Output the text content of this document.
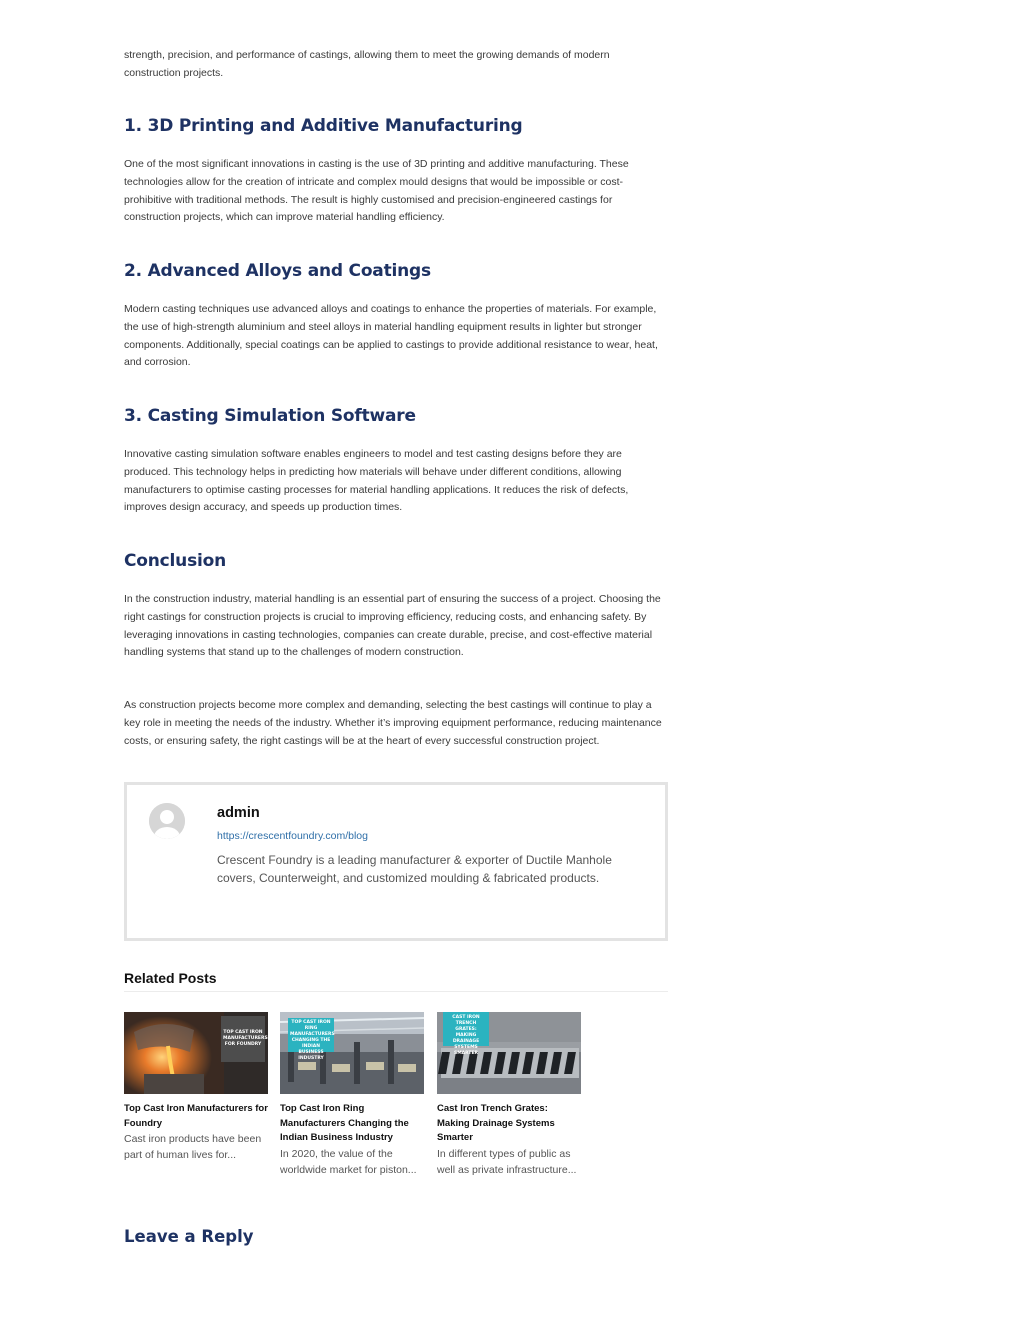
strength, precision, and performance of castings, allowing them to meet the growing demands of modern construction projects.

1. 3D Printing and Additive Manufacturing

One of the most significant innovations in casting is the use of 3D printing and additive manufacturing. These technologies allow for the creation of intricate and complex mould designs that would be impossible or cost-prohibitive with traditional methods. The result is highly customised and precision-engineered castings for construction projects, which can improve material handling efficiency.

2. Advanced Alloys and Coatings

Modern casting techniques use advanced alloys and coatings to enhance the properties of materials. For example, the use of high-strength aluminium and steel alloys in material handling equipment results in lighter but stronger components. Additionally, special coatings can be applied to castings to provide additional resistance to wear, heat, and corrosion.

3. Casting Simulation Software

Innovative casting simulation software enables engineers to model and test casting designs before they are produced. This technology helps in predicting how materials will behave under different conditions, allowing manufacturers to optimise casting processes for material handling applications. It reduces the risk of defects, improves design accuracy, and speeds up production times.

Conclusion

In the construction industry, material handling is an essential part of ensuring the success of a project. Choosing the right castings for construction projects is crucial to improving efficiency, reducing costs, and enhancing safety. By leveraging innovations in casting technologies, companies can create durable, precise, and cost-effective material handling systems that stand up to the challenges of modern construction.

As construction projects become more complex and demanding, selecting the best castings will continue to play a key role in meeting the needs of the industry. Whether it’s improving equipment performance, reducing maintenance costs, or ensuring safety, the right castings will be at the heart of every successful construction project.

admin
https://crescentfoundry.com/blog
Crescent Foundry is a leading manufacturer & exporter of Ductile Manhole covers, Counterweight, and customized moulding & fabricated products.
Related Posts
TOP CAST IRON MANUFACTURERS FOR FOUNDRY
Top Cast Iron Manufacturers for Foundry
Cast iron products have been part of human lives for...
TOP CAST IRON RING MANUFACTURERS CHANGING THE INDIAN BUSINESS INDUSTRY
Top Cast Iron Ring Manufacturers Changing the Indian Business Industry
In 2020, the value of the worldwide market for piston...
CAST IRON TRENCH GRATES: MAKING DRAINAGE SYSTEMS SMARTER
Cast Iron Trench Grates: Making Drainage Systems Smarter
In different types of public as well as private infrastructure...
Leave a Reply
